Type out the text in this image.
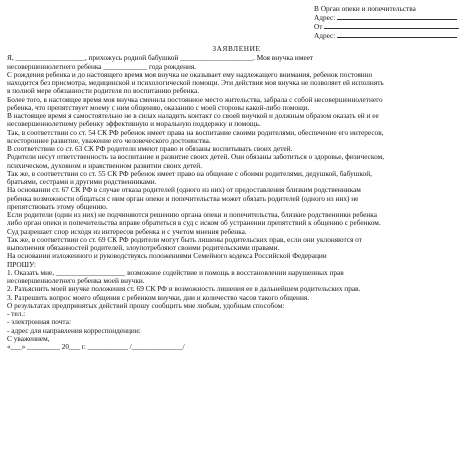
В Орган опеки и попечительства
Адрес:
От
Адрес:
ЗАЯВЛЕНИЕ
Я, ___________________, прихожусь родной бабушкой ____________________. Моя внучка имеет
несовершеннолетнего ребенка ____________ года рождения.
С рождения ребенка и до настоящего время моя внучка не оказывает ему надлежащего внимания, ребенок постоянно
находится без присмотра, медицинской и психологической помощи. Эти действия моя внучка не позволяет ей исполнять
в полной мере обязанности родителя по воспитанию ребенка.
Более того, в настоящее время моя внучка сменила постоянное место жительства, забрала с собой несовершеннолетнего
ребенка, что препятствует моему с ним общению, оказанию с моей стороны какой-либо помощи.
В настоящее время я самостоятельно не в силах наладить контакт со своей внучкой и должным образом оказать ей и ее
несовершеннолетнему ребенку эффективную и моральную поддержку и помощь.
Так, в соответствии со ст. 54 СК РФ ребенок имеет права на воспитание своими родителями, обеспечение его интересов,
всестороннее развитие, уважение его человеческого достоинства.
В соответствии со ст. 63 СК РФ родители имеют право и обязаны воспитывать своих детей.
Родители несут ответственность за воспитание и развитие своих детей. Они обязаны заботиться о здоровье, физическом,
психическом, духовном и нравственном развитии своих детей.
Так же, в соответствии со ст. 55 СК РФ ребенок имеет право на общение с обоими родителями, дедушкой, бабушкой,
братьями, сестрами и другими родственниками.
На основании ст. 67 СК РФ в случае отказа родителей (одного из них) от предоставления близким родственникам
ребенка возможности общаться с ним орган опеки и попечительства может обязать родителей (одного из них) не
препятствовать этому общению.
Если родители (один из них) не подчиняются решению органа опеки и попечительства, близкие родственники ребенка
либо орган опеки и попечительства вправе обратиться в суд с иском об устранении препятствий к общению с ребенком.
Суд разрешает спор исходя из интересов ребенка и с учетом мнения ребенка.
Так же, в соответствии со ст. 69 СК РФ родители могут быть лишены родительских прав, если они уклоняются от
выполнения обязанностей родителей, злоупотребляют своими родительскими правами.
На основании изложенного и руководствуясь положениями Семейного кодекса Российской Федерации
ПРОШУ:
1. Оказать мне, ___________________ возможное содействие и помощь в восстановлении нарушенных прав
несовершеннолетнего ребенка моей внучки.
2. Разъяснить моей внучке положения ст. 69 СК РФ и возможность лишения ее в дальнейшем родительских прав.
3. Разрешить вопрос моего общения с ребенком внучки, дни и количество часов такого общения.
О результатах предпринятых действий прошу сообщить мне любым, удобным способом:
- тел.:
- электронная почта:
- адрес для направления корреспонденции:
С уважением,
«___» _________ 20___ г. ___________ /______________/
